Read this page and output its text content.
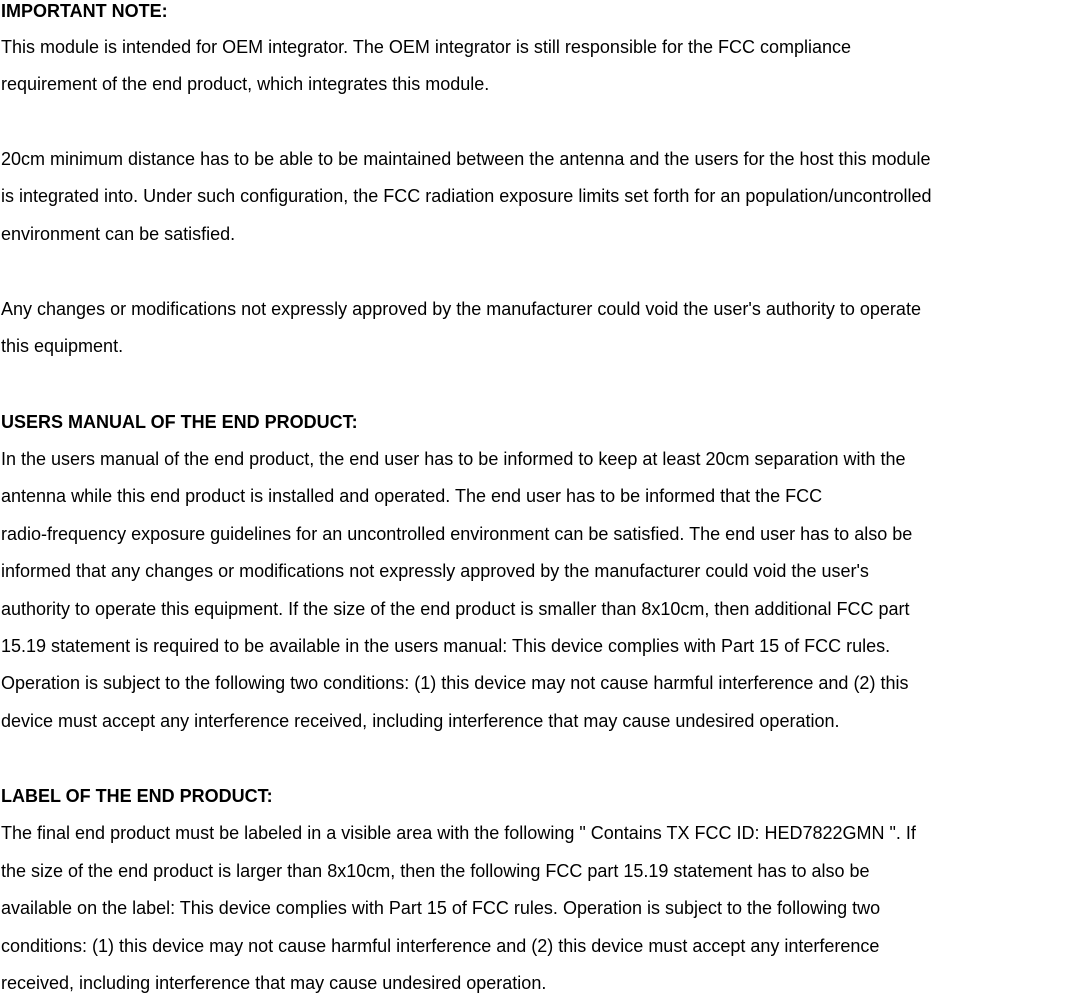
IMPORTANT NOTE:
This module is intended for OEM integrator. The OEM integrator is still responsible for the FCC compliance
requirement of the end product, which integrates this module.
20cm minimum distance has to be able to be maintained between the antenna and the users for the host this module
is integrated into. Under such configuration, the FCC radiation exposure limits set forth for an population/uncontrolled
environment can be satisfied.
Any changes or modifications not expressly approved by the manufacturer could void the user's authority to operate
this equipment.
USERS MANUAL OF THE END PRODUCT:
In the users manual of the end product, the end user has to be informed to keep at least 20cm separation with the
antenna while this end product is installed and operated. The end user has to be informed that the FCC
radio-frequency exposure guidelines for an uncontrolled environment can be satisfied. The end user has to also be
informed that any changes or modifications not expressly approved by the manufacturer could void the user's
authority to operate this equipment. If the size of the end product is smaller than 8x10cm, then additional FCC part
15.19 statement is required to be available in the users manual: This device complies with Part 15 of FCC rules.
Operation is subject to the following two conditions: (1) this device may not cause harmful interference and (2) this
device must accept any interference received, including interference that may cause undesired operation.
LABEL OF THE END PRODUCT:
The final end product must be labeled in a visible area with the following " Contains TX FCC ID: HED7822GMN ". If
the size of the end product is larger than 8x10cm, then the following FCC part 15.19 statement has to also be
available on the label: This device complies with Part 15 of FCC rules. Operation is subject to the following two
conditions: (1) this device may not cause harmful interference and (2) this device must accept any interference
received, including interference that may cause undesired operation.
